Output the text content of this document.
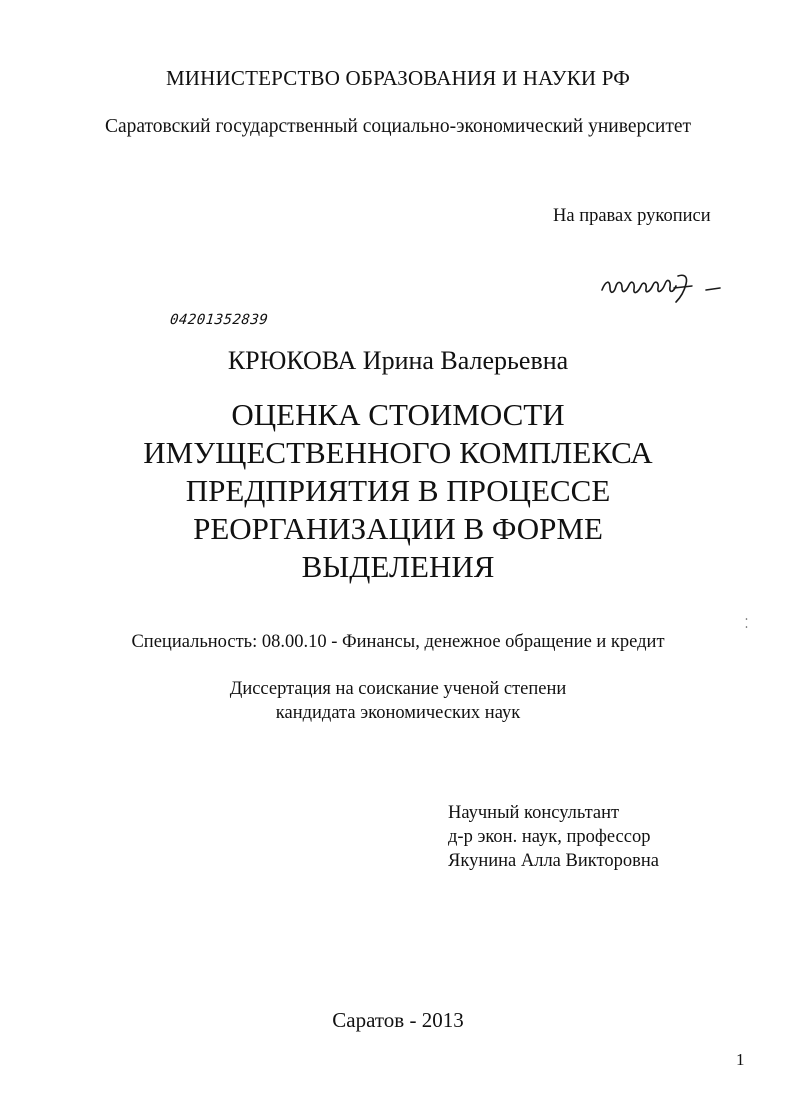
МИНИСТЕРСТВО ОБРАЗОВАНИЯ И НАУКИ РФ
Саратовский государственный социально-экономический университет
На правах рукописи
04201352839
КРЮКОВА Ирина Валерьевна
ОЦЕНКА СТОИМОСТИ
ИМУЩЕСТВЕННОГО КОМПЛЕКСА
ПРЕДПРИЯТИЯ В ПРОЦЕССЕ
РЕОРГАНИЗАЦИИ В ФОРМЕ
ВЫДЕЛЕНИЯ
Специальность: 08.00.10 - Финансы, денежное обращение и кредит
Диссертация на соискание ученой степени
кандидата экономических наук
Научный консультант
д-р экон. наук, профессор
Якунина Алла Викторовна
Саратов - 2013
1
